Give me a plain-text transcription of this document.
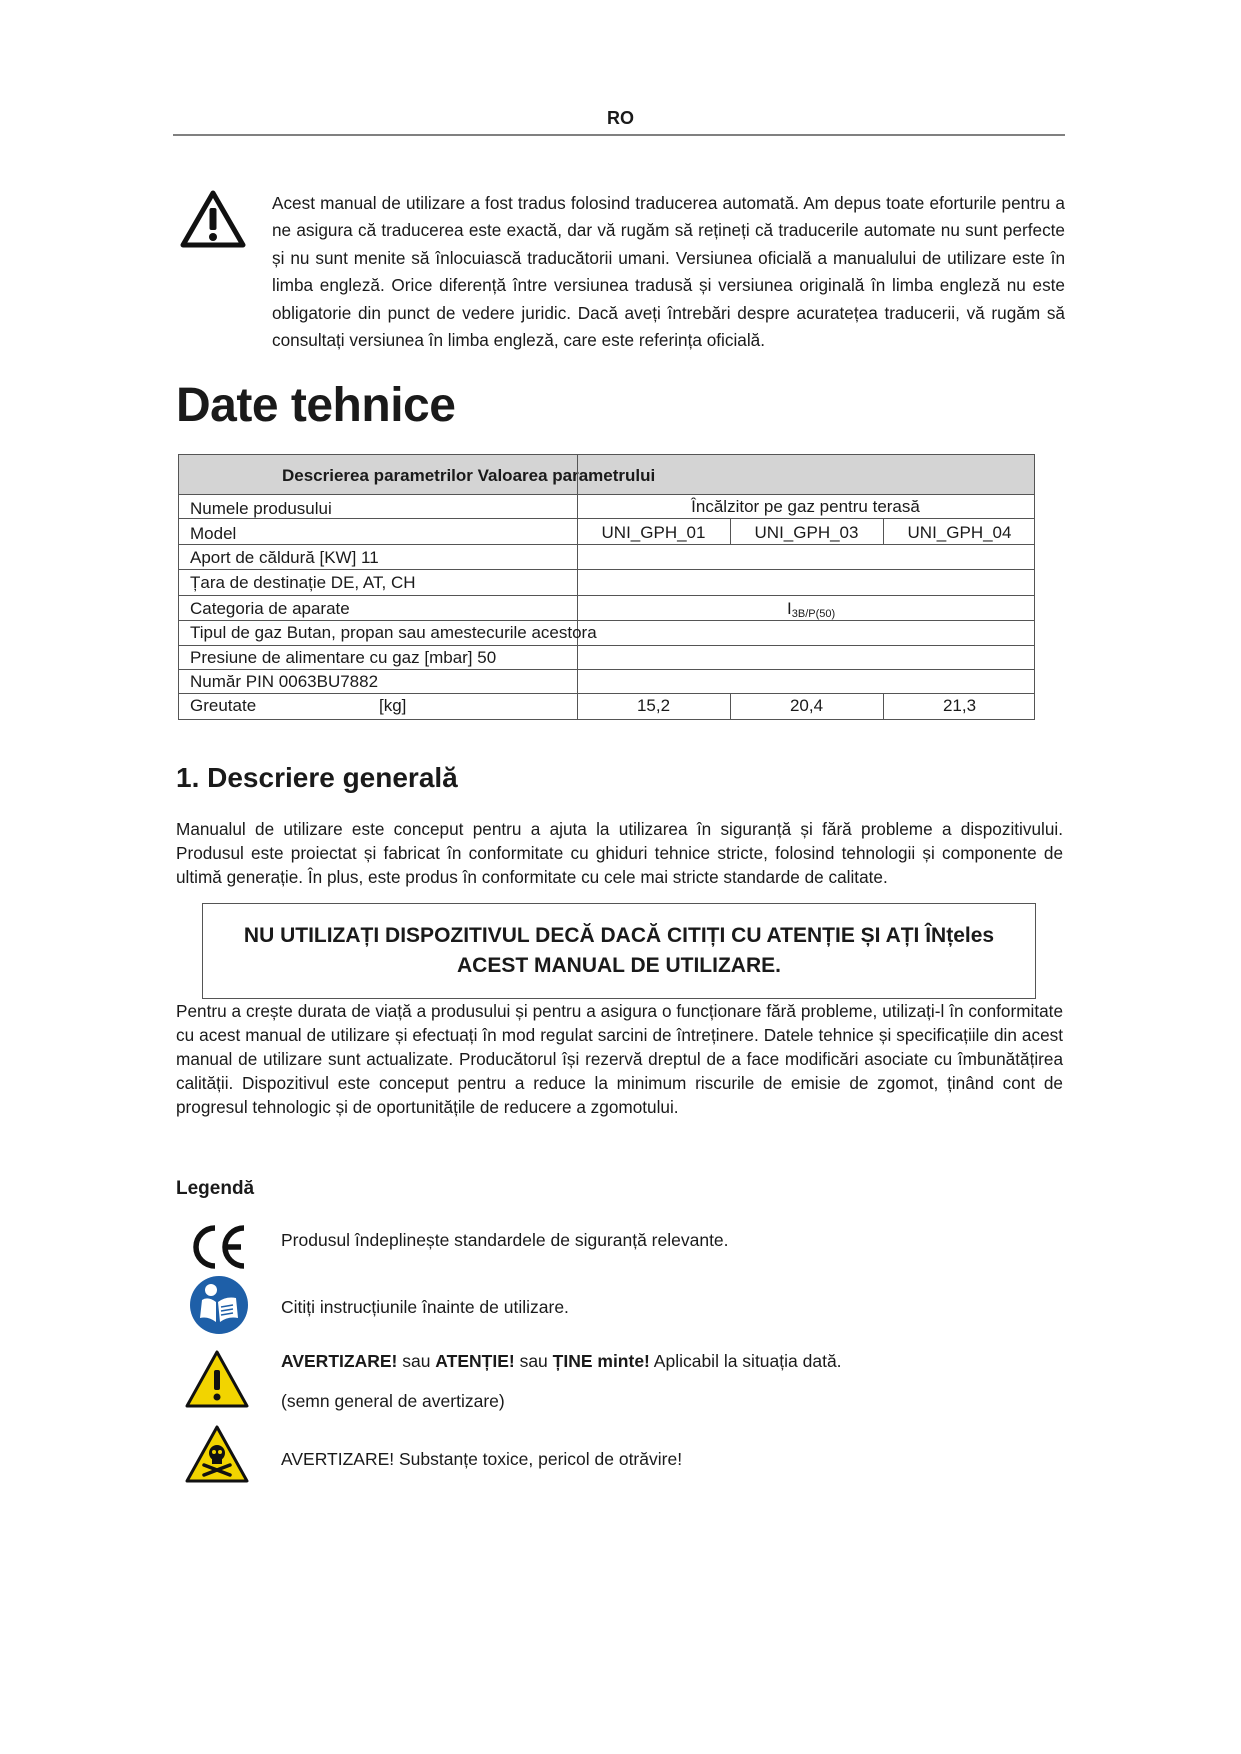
RO
Acest manual de utilizare a fost tradus folosind traducerea automată. Am depus toate eforturile pentru a ne asigura că traducerea este exactă, dar vă rugăm să rețineți că traducerile automate nu sunt perfecte și nu sunt menite să înlocuiască traducătorii umani. Versiunea oficială a manualului de utilizare este în limba engleză. Orice diferență între versiunea tradusă și versiunea originală în limba engleză nu este obligatorie din punct de vedere juridic. Dacă aveți întrebări despre acuratețea traducerii, vă rugăm să consultați versiunea în limba engleză, care este referința oficială.
Date tehnice
Descrierea parametrilor Valoarea parametrului
Numele produsului	Încălzitor pe gaz pentru terasă
Model	UNI_GPH_01	UNI_GPH_03	UNI_GPH_04
Aport de căldură [KW] 11
Țara de destinație DE, AT, CH
Categoria de aparate	$I_{3B/P(50)}$
Tipul de gaz Butan, propan sau amestecurile acestora
Presiune de alimentare cu gaz [mbar] 50
Număr PIN 0063BU7882
Greutate	[kg]	15,2	20,4	21,3
1. Descriere generală
Manualul de utilizare este conceput pentru a ajuta la utilizarea în siguranță și fără probleme a dispozitivului. Produsul este proiectat și fabricat în conformitate cu ghiduri tehnice stricte, folosind tehnologii și componente de ultimă generație. În plus, este produs în conformitate cu cele mai stricte standarde de calitate.
NU UTILIZAȚI DISPOZITIVUL DECĂ DACĂ CITIȚI CU ATENȚIE ȘI AȚI ÎNțeles ACEST MANUAL DE UTILIZARE.
Pentru a crește durata de viață a produsului și pentru a asigura o funcționare fără probleme, utilizați-l în conformitate cu acest manual de utilizare și efectuați în mod regulat sarcini de întreținere. Datele tehnice și specificațiile din acest manual de utilizare sunt actualizate. Producătorul își rezervă dreptul de a face modificări asociate cu îmbunătățirea calității. Dispozitivul este conceput pentru a reduce la minimum riscurile de emisie de zgomot, ținând cont de progresul tehnologic și de oportunitățile de reducere a zgomotului.
Legendă
Produsul îndeplinește standardele de siguranță relevante.
Citiți instrucțiunile înainte de utilizare.
AVERTIZARE! sau ATENȚIE! sau ȚINE minte! Aplicabil la situația dată.
(semn general de avertizare)
AVERTIZARE! Substanțe toxice, pericol de otrăvire!
